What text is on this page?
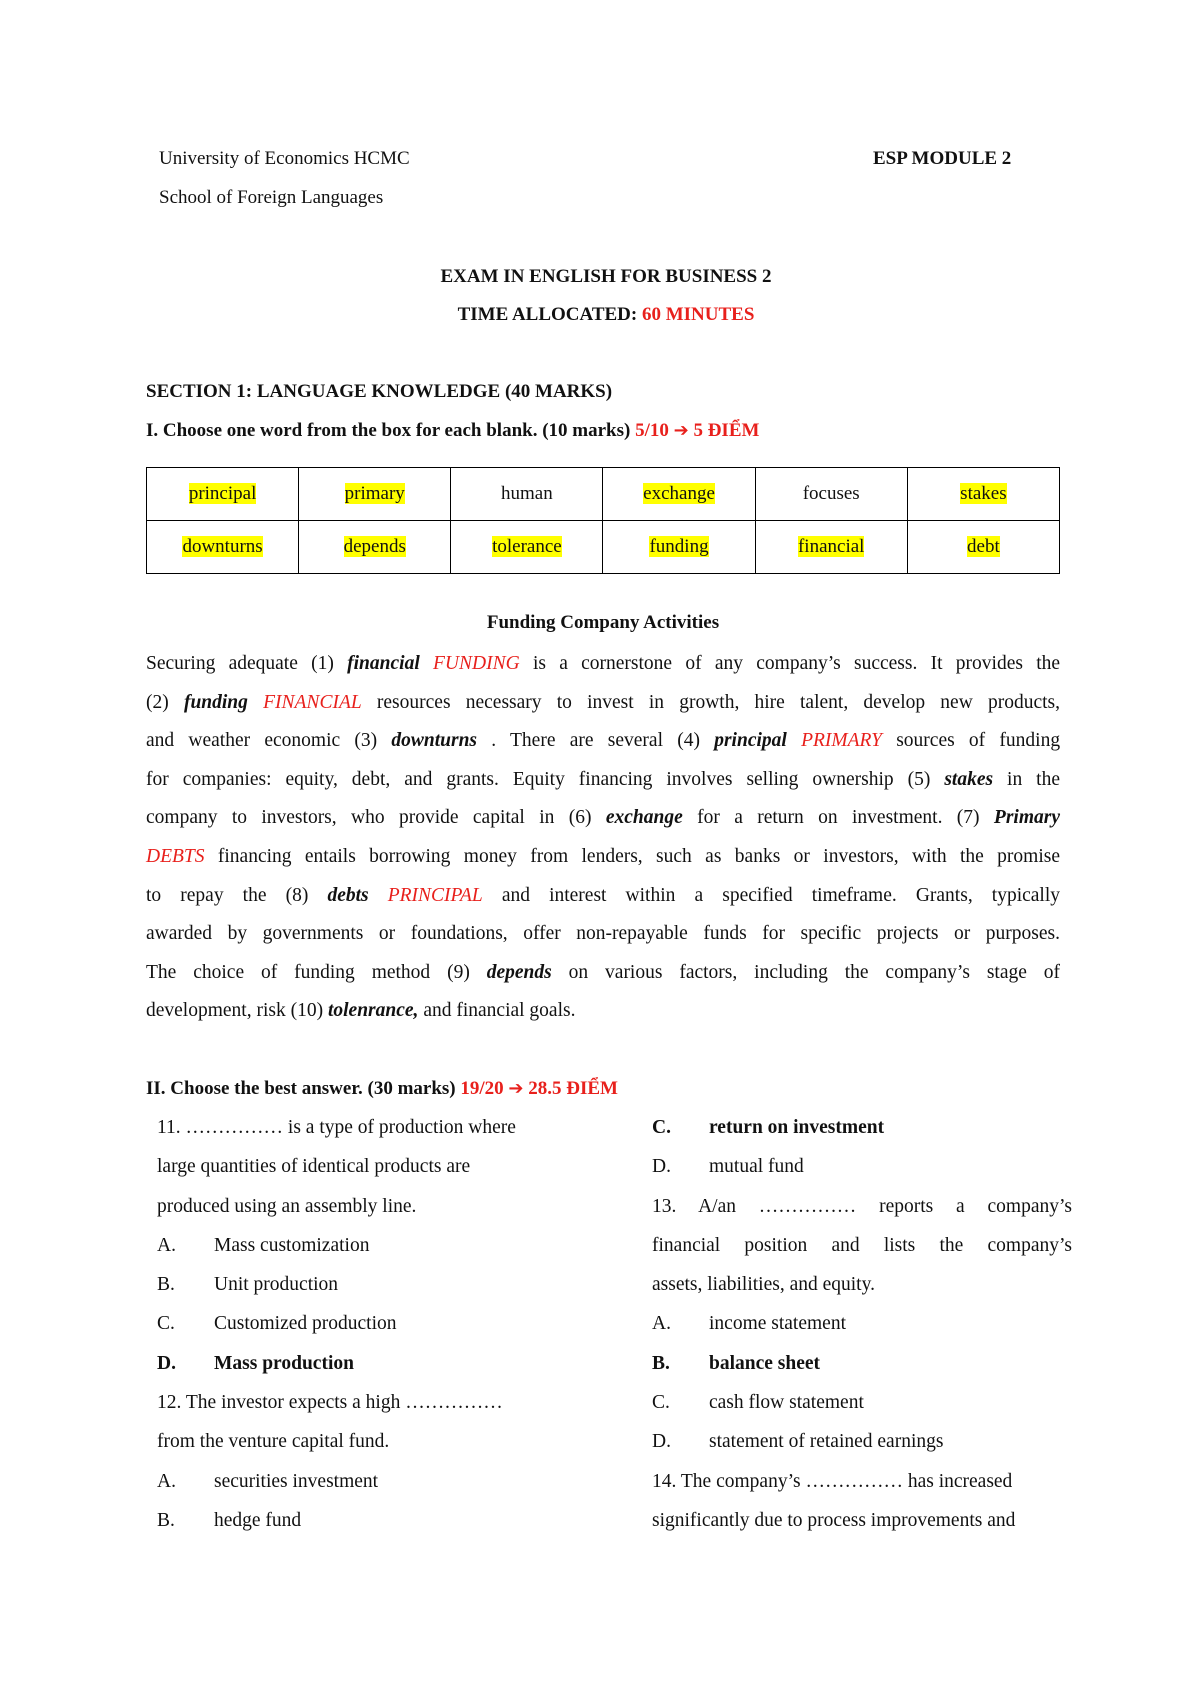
University of Economics HCMC	ESP MODULE 2
School of Foreign Languages
EXAM IN ENGLISH FOR BUSINESS 2
TIME ALLOCATED: 60 MINUTES
SECTION 1: LANGUAGE KNOWLEDGE (40 MARKS)
I. Choose one word from the box for each blank. (10 marks) 5/10 ➔ 5 ĐIỂM
principal	primary	human	exchange	focuses	stakes
downturns	depends	tolerance	funding	financial	debt
Funding Company Activities
Securing adequate (1) financial FUNDING is a cornerstone of any company’s success. It provides the
(2) funding FINANCIAL resources necessary to invest in growth, hire talent, develop new products,
and weather economic (3) downturns . There are several (4) principal PRIMARY sources of funding
for companies: equity, debt, and grants. Equity financing involves selling ownership (5) stakes in the
company to investors, who provide capital in (6) exchange for a return on investment. (7) Primary
DEBTS financing entails borrowing money from lenders, such as banks or investors, with the promise
to repay the (8) debts PRINCIPAL and interest within a specified timeframe. Grants, typically
awarded by governments or foundations, offer non-repayable funds for specific projects or purposes.
The choice of funding method (9) depends on various factors, including the company’s stage of
development, risk (10) tolenrance, and financial goals.
II. Choose the best answer. (30 marks) 19/20 ➔ 28.5 ĐIỂM
11. …………… is a type of production where
large quantities of identical products are
produced using an assembly line.
A.	Mass customization
B.	Unit production
C.	Customized production
D.	Mass production
12. The investor expects a high ……………
from the venture capital fund.
A.	securities investment
B.	hedge fund
C.	return on investment
D.	mutual fund
13. A/an …………… reports a company’s
financial position and lists the company’s
assets, liabilities, and equity.
A.	income statement
B.	balance sheet
C.	cash flow statement
D.	statement of retained earnings
14. The company’s …………… has increased
significantly due to process improvements and
